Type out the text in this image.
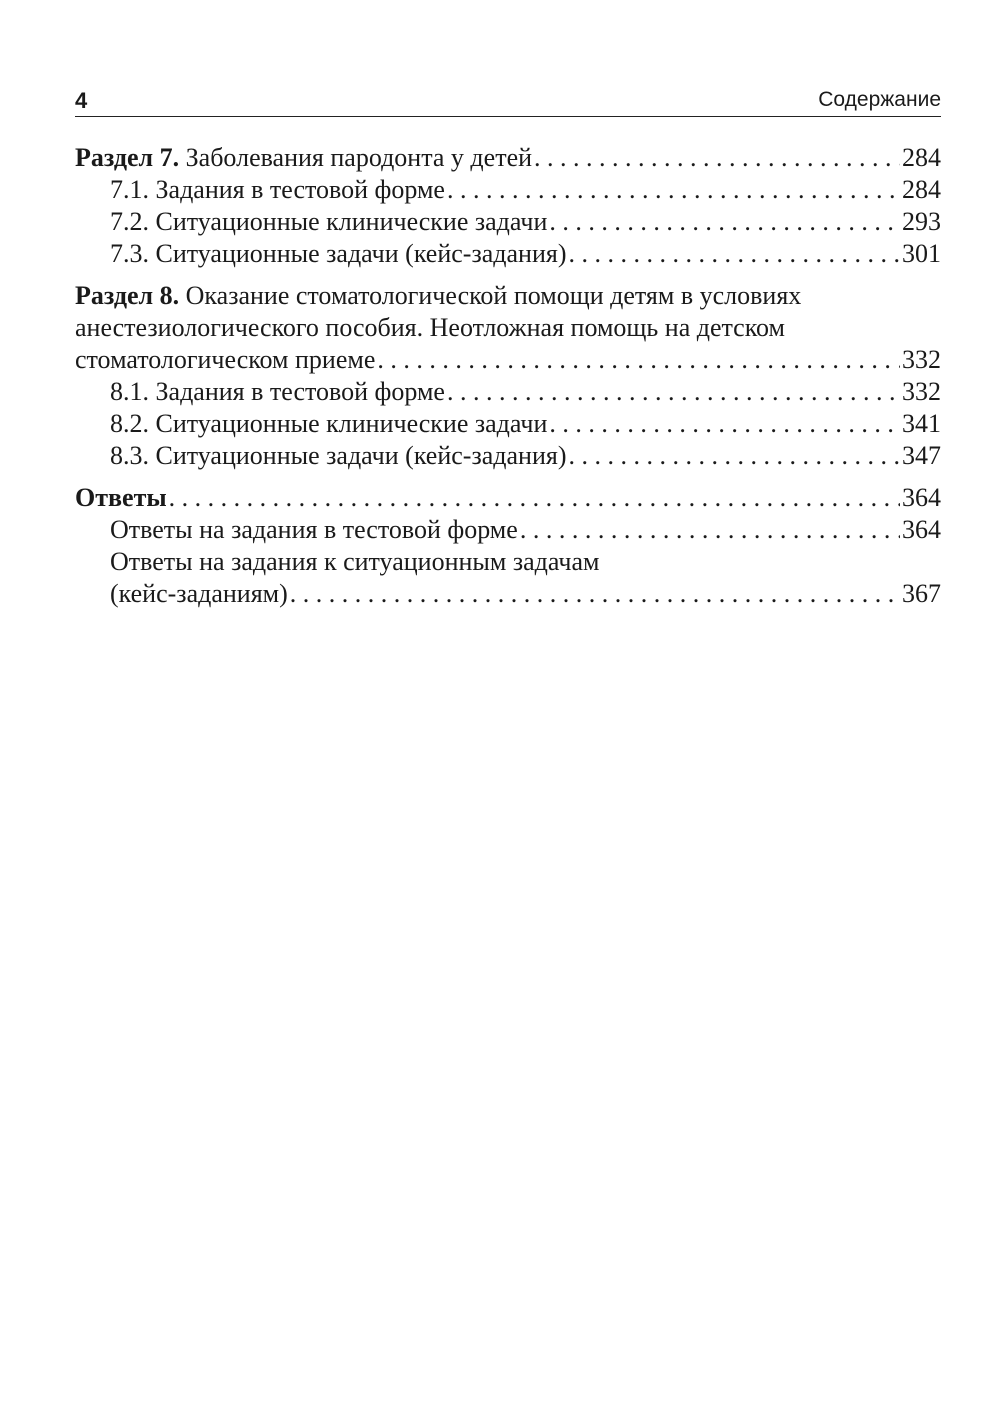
4	Содержание
Раздел 7. Заболевания пародонта у детей . . .	284
7.1. Задания в тестовой форме . . .	284
7.2. Ситуационные клинические задачи . . .	293
7.3. Ситуационные задачи (кейс-задания) . . .	301
Раздел 8. Оказание стоматологической помощи детям в условиях
анестезиологического пособия. Неотложная помощь на детском
стоматологическом приеме . . .	332
8.1. Задания в тестовой форме . . .	332
8.2. Ситуационные клинические задачи . . .	341
8.3. Ситуационные задачи (кейс-задания) . . .	347
Ответы . . .	364
Ответы на задания в тестовой форме . . .	364
Ответы на задания к ситуационным задачам
(кейс-заданиям) . . .	367
